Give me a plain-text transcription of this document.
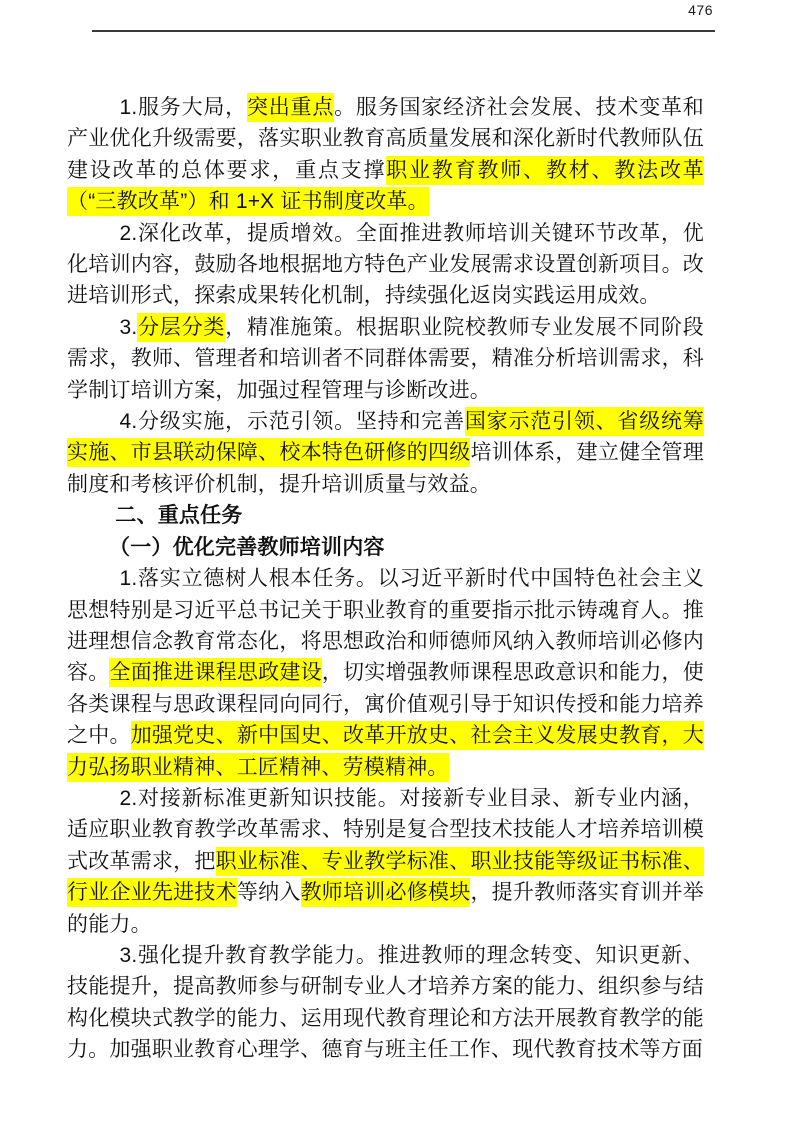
476

1.服务大局，突出重点。服务国家经济社会发展、技术变革和产业优化升级需要，落实职业教育高质量发展和深化新时代教师队伍建设改革的总体要求，重点支撑职业教育教师、教材、教法改革（“三教改革”）和 1+X 证书制度改革。

2.深化改革，提质增效。全面推进教师培训关键环节改革，优化培训内容，鼓励各地根据地方特色产业发展需求设置创新项目。改进培训形式，探索成果转化机制，持续强化返岗实践运用成效。

3.分层分类，精准施策。根据职业院校教师专业发展不同阶段需求，教师、管理者和培训者不同群体需要，精准分析培训需求，科学制订培训方案，加强过程管理与诊断改进。

4.分级实施，示范引领。坚持和完善国家示范引领、省级统筹实施、市县联动保障、校本特色研修的四级培训体系，建立健全管理制度和考核评价机制，提升培训质量与效益。

二、重点任务

（一）优化完善教师培训内容

1.落实立德树人根本任务。以习近平新时代中国特色社会主义思想特别是习近平总书记关于职业教育的重要指示批示铸魂育人。推进理想信念教育常态化，将思想政治和师德师风纳入教师培训必修内容。全面推进课程思政建设，切实增强教师课程思政意识和能力，使各类课程与思政课程同向同行，寓价值观引导于知识传授和能力培养之中。加强党史、新中国史、改革开放史、社会主义发展史教育，大力弘扬职业精神、工匠精神、劳模精神。

2.对接新标准更新知识技能。对接新专业目录、新专业内涵，适应职业教育教学改革需求、特别是复合型技术技能人才培养培训模式改革需求，把职业标准、专业教学标准、职业技能等级证书标准、行业企业先进技术等纳入教师培训必修模块，提升教师落实育训并举的能力。

3.强化提升教育教学能力。推进教师的理念转变、知识更新、技能提升，提高教师参与研制专业人才培养方案的能力、组织参与结构化模块式教学的能力、运用现代教育理论和方法开展教育教学的能力。加强职业教育心理学、德育与班主任工作、现代教育技术等方面
